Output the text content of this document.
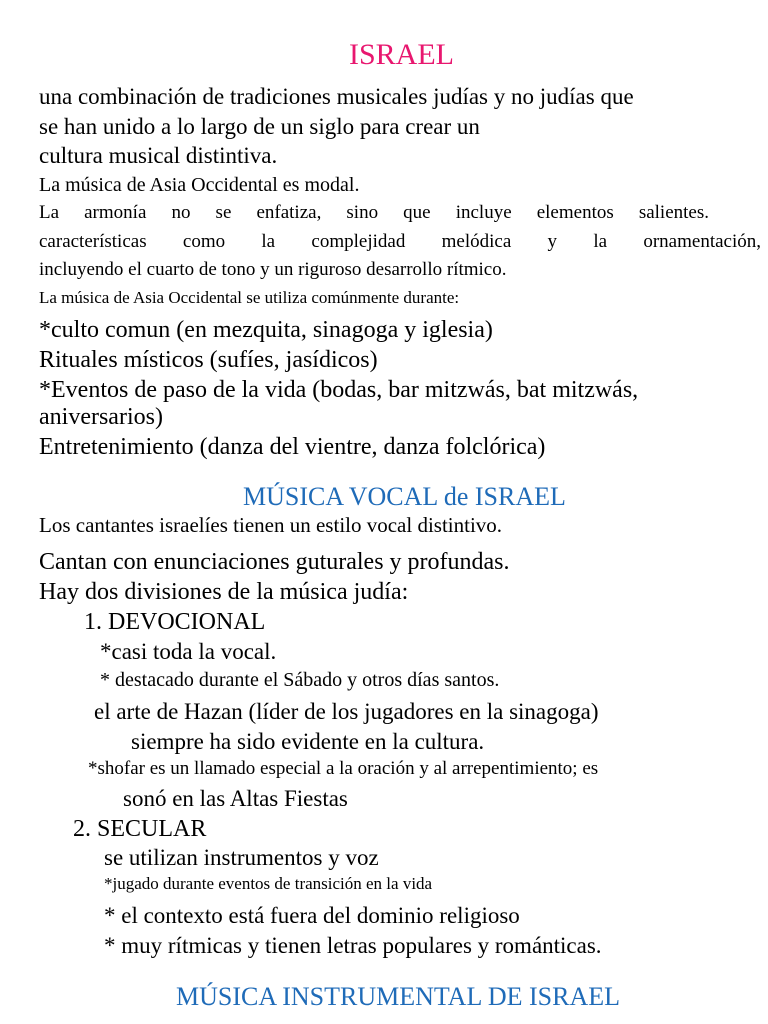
ISRAEL
una combinación de tradiciones musicales judías y no judías que
se han unido a lo largo de un siglo para crear un
cultura musical distintiva.
La música de Asia Occidental es modal.
La armonía no se enfatiza, sino que incluye elementos salientes.
características como la complejidad melódica y la ornamentación,
incluyendo el cuarto de tono y un riguroso desarrollo rítmico.
La música de Asia Occidental se utiliza comúnmente durante:
*culto comun (en mezquita, sinagoga y iglesia)
Rituales místicos (sufíes, jasídicos)
*Eventos de paso de la vida (bodas, bar mitzwás, bat mitzwás,
aniversarios)
Entretenimiento (danza del vientre, danza folclórica)
MÚSICA VOCAL de ISRAEL
Los cantantes israelíes tienen un estilo vocal distintivo.
Cantan con enunciaciones guturales y profundas.
Hay dos divisiones de la música judía:
1. DEVOCIONAL
*casi toda la vocal.
* destacado durante el Sábado y otros días santos.
el arte de Hazan (líder de los jugadores en la sinagoga)
siempre ha sido evidente en la cultura.
*shofar es un llamado especial a la oración y al arrepentimiento; es
sonó en las Altas Fiestas
2. SECULAR
se utilizan instrumentos y voz
*jugado durante eventos de transición en la vida
* el contexto está fuera del dominio religioso
* muy rítmicas y tienen letras populares y románticas.
MÚSICA INSTRUMENTAL DE ISRAEL
